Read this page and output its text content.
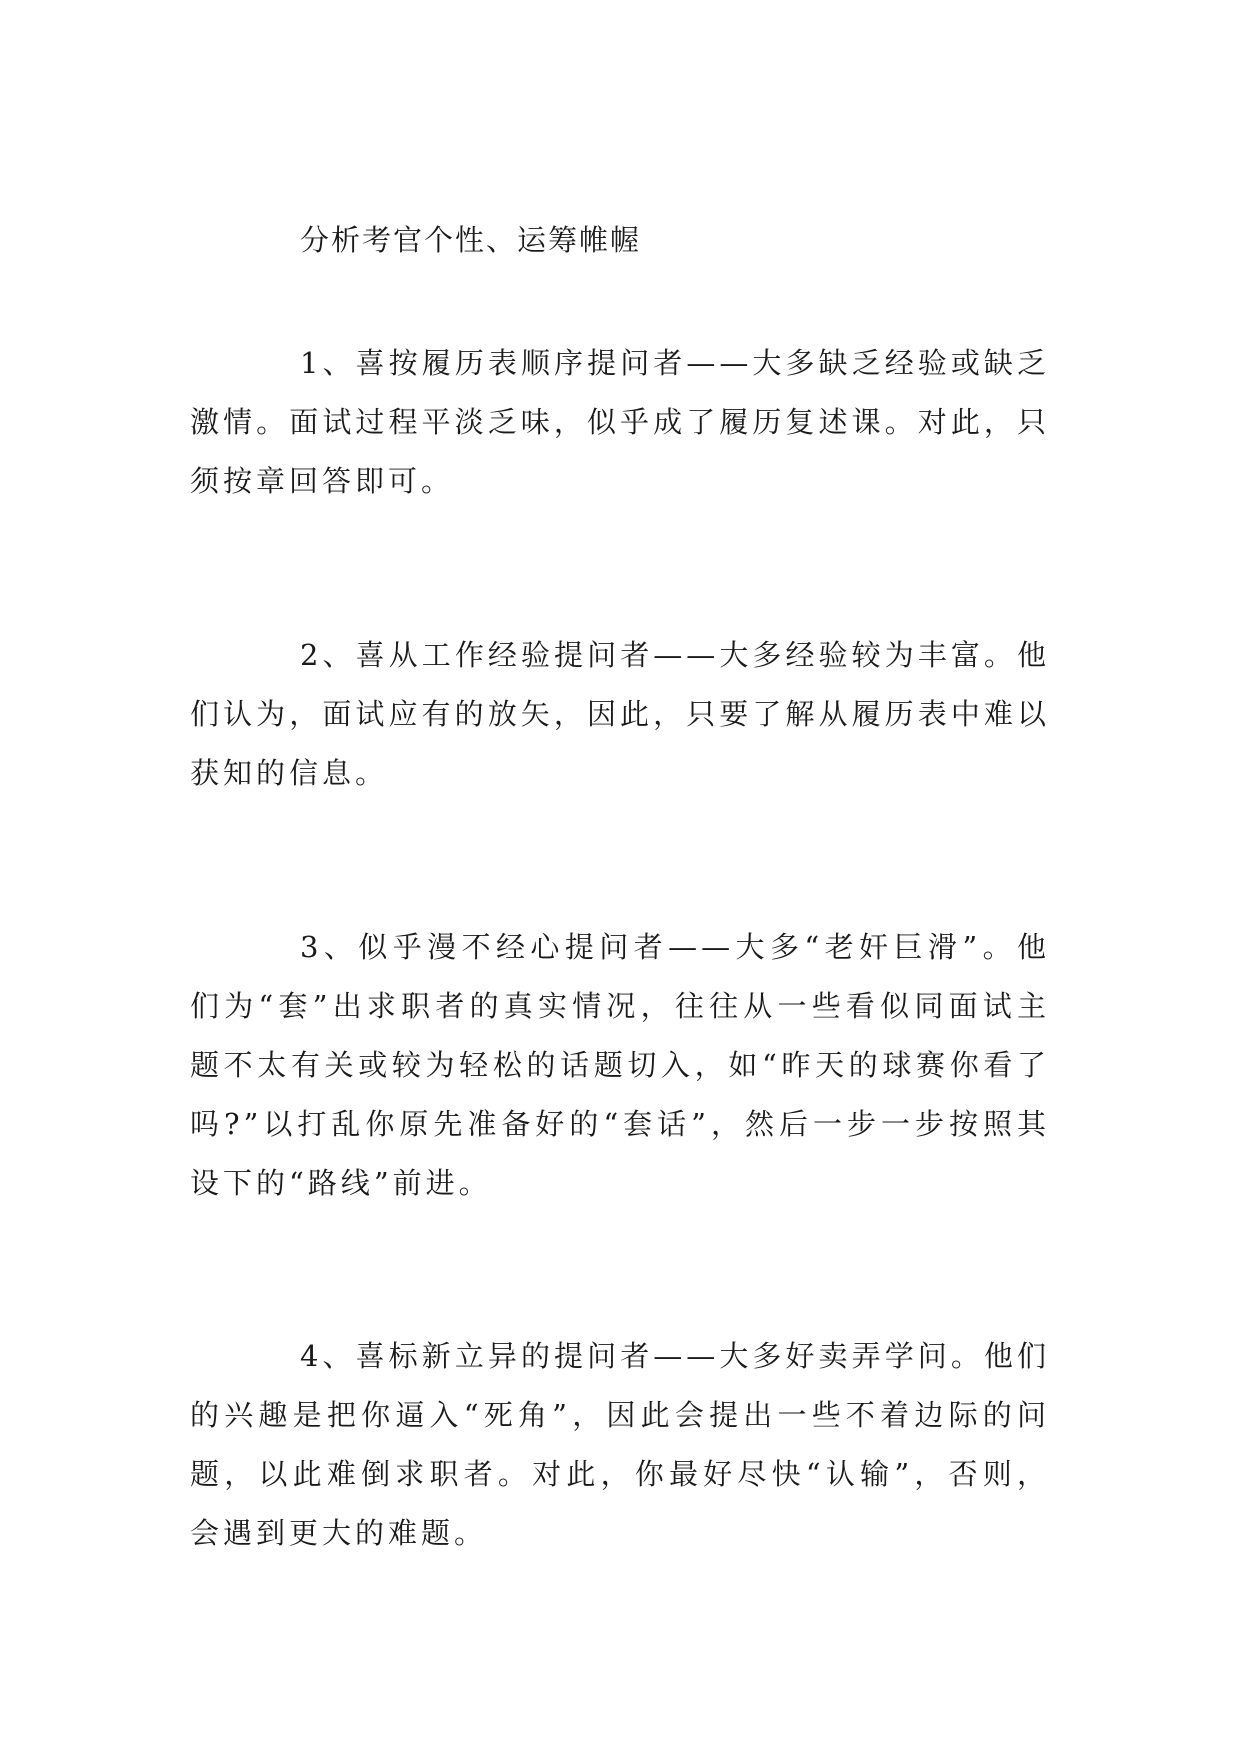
分析考官个性、运筹帷幄

1、喜按履历表顺序提问者——大多缺乏经验或缺乏激情。面试过程平淡乏味，似乎成了履历复述课。对此，只须按章回答即可。

2、喜从工作经验提问者——大多经验较为丰富。他们认为，面试应有的放矢，因此，只要了解从履历表中难以获知的信息。

3、似乎漫不经心提问者——大多“老奸巨滑”。他们为“套”出求职者的真实情况，往往从一些看似同面试主题不太有关或较为轻松的话题切入，如“昨天的球赛你看了吗?”以打乱你原先准备好的“套话”，然后一步一步按照其设下的“路线”前进。

4、喜标新立异的提问者——大多好卖弄学问。他们的兴趣是把你逼入“死角”，因此会提出一些不着边际的问题，以此难倒求职者。对此，你最好尽快“认输”，否则，会遇到更大的难题。
